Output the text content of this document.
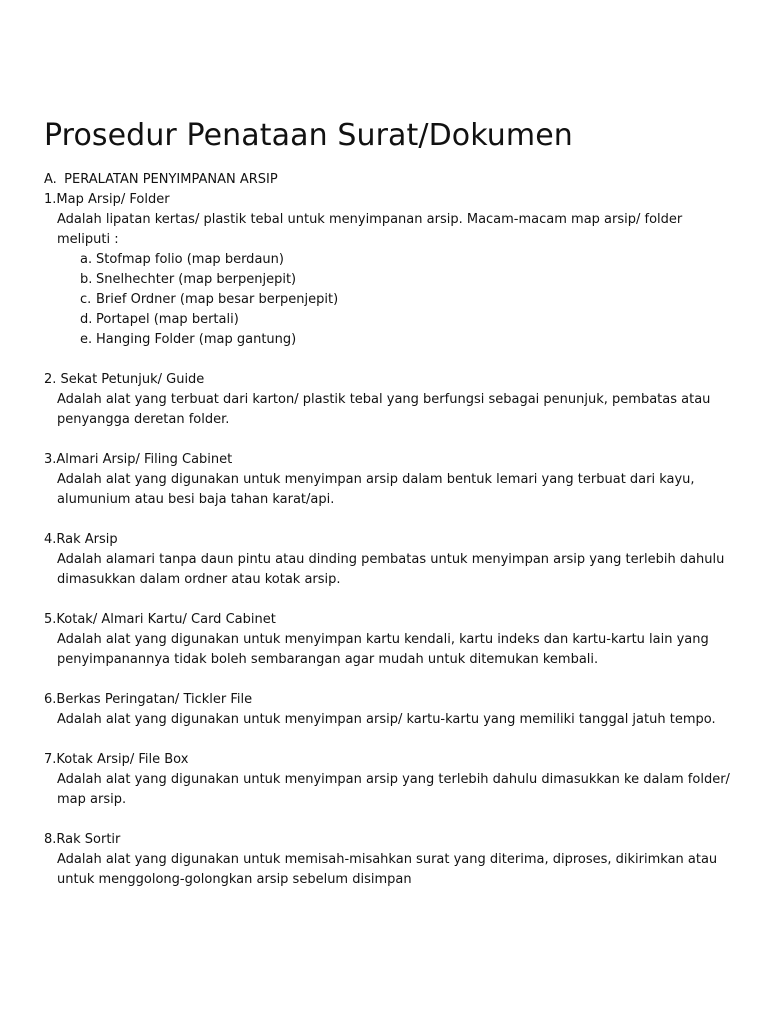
Prosedur Penataan Surat/Dokumen

A. PERALATAN PENYIMPANAN ARSIP

1.Map Arsip/ Folder

Adalah lipatan kertas/ plastik tebal untuk menyimpanan arsip. Macam-macam map arsip/ folder meliputi :

a. Stofmap folio (map berdaun)
b. Snelhechter (map berpenjepit)
c. Brief Ordner (map besar berpenjepit)
d. Portapel (map bertali)
e. Hanging Folder (map gantung)

2. Sekat Petunjuk/ Guide

Adalah alat yang terbuat dari karton/ plastik tebal yang berfungsi sebagai penunjuk, pembatas atau penyangga deretan folder.

3.Almari Arsip/ Filing Cabinet

Adalah alat yang digunakan untuk menyimpan arsip dalam bentuk lemari yang terbuat dari kayu, alumunium atau besi baja tahan karat/api.

4.Rak Arsip

Adalah alamari tanpa daun pintu atau dinding pembatas untuk menyimpan arsip yang terlebih dahulu dimasukkan dalam ordner atau kotak arsip.

5.Kotak/ Almari Kartu/ Card Cabinet

Adalah alat yang digunakan untuk menyimpan kartu kendali, kartu indeks dan kartu-kartu lain yang penyimpanannya tidak boleh sembarangan agar mudah untuk ditemukan kembali.

6.Berkas Peringatan/ Tickler File

Adalah alat yang digunakan untuk menyimpan arsip/ kartu-kartu yang memiliki tanggal jatuh tempo.

7.Kotak Arsip/ File Box

Adalah alat yang digunakan untuk menyimpan arsip yang terlebih dahulu dimasukkan ke dalam folder/ map arsip.

8.Rak Sortir

Adalah alat yang digunakan untuk memisah-misahkan surat yang diterima, diproses, dikirimkan atau untuk menggolong-golongkan arsip sebelum disimpan
